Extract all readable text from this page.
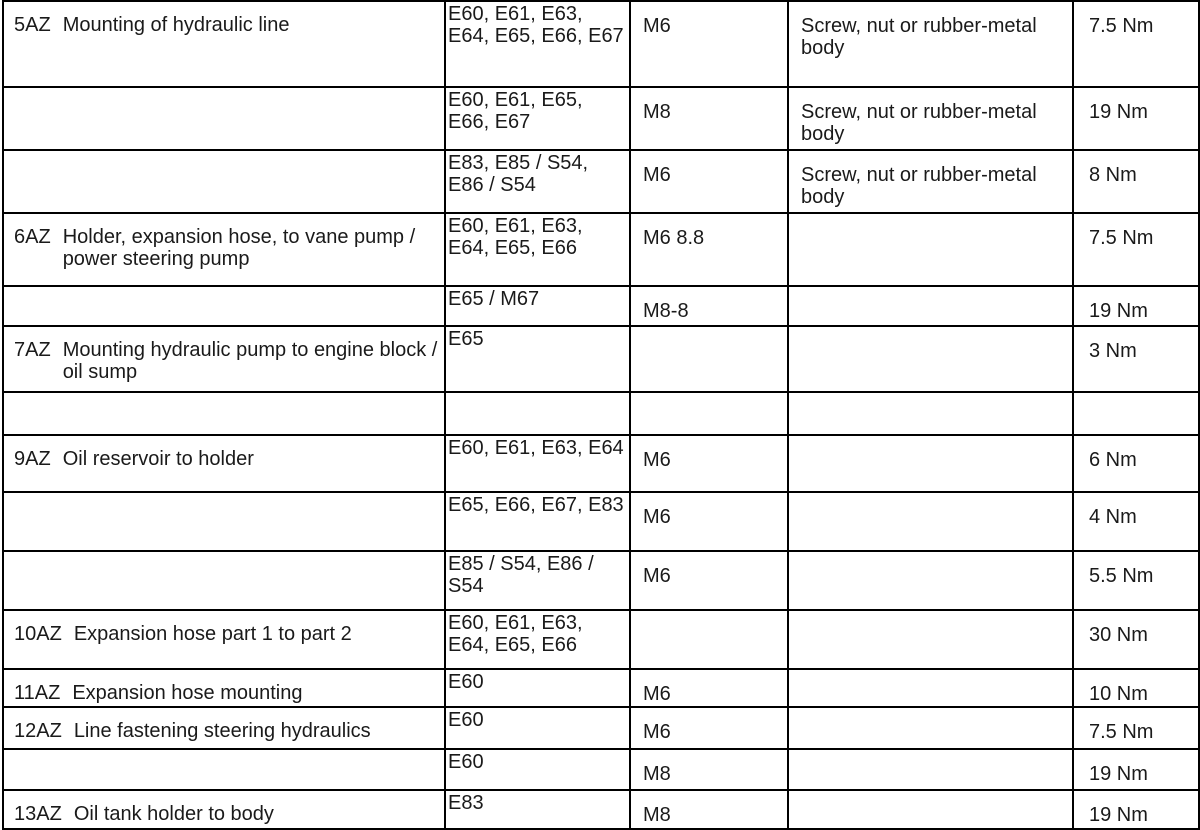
5AZ Mounting of hydraulic line	E60, E61, E63, E64, E65, E66, E67	M6	Screw, nut or rubber-metal body	7.5 Nm

	E60, E61, E65, E66, E67	M8	Screw, nut or rubber-metal body	19 Nm

	E83, E85 / S54, E86 / S54	M6	Screw, nut or rubber-metal body	8 Nm

6AZ Holder, expansion hose, to vane pump / power steering pump	E60, E61, E63, E64, E65, E66	M6 8.8		7.5 Nm

	E65 / M67	M8-8		19 Nm

7AZ Mounting hydraulic pump to engine block / oil sump	E65			3 Nm

9AZ Oil reservoir to holder	E60, E61, E63, E64	M6		6 Nm

	E65, E66, E67, E83	M6		4 Nm

	E85 / S54, E86 / S54	M6		5.5 Nm

10AZ Expansion hose part 1 to part 2	E60, E61, E63, E64, E65, E66			30 Nm

11AZ Expansion hose mounting	E60	M6		10 Nm

12AZ Line fastening steering hydraulics	E60	M6		7.5 Nm

	E60	M8		19 Nm

13AZ Oil tank holder to body	E83	M8		19 Nm
